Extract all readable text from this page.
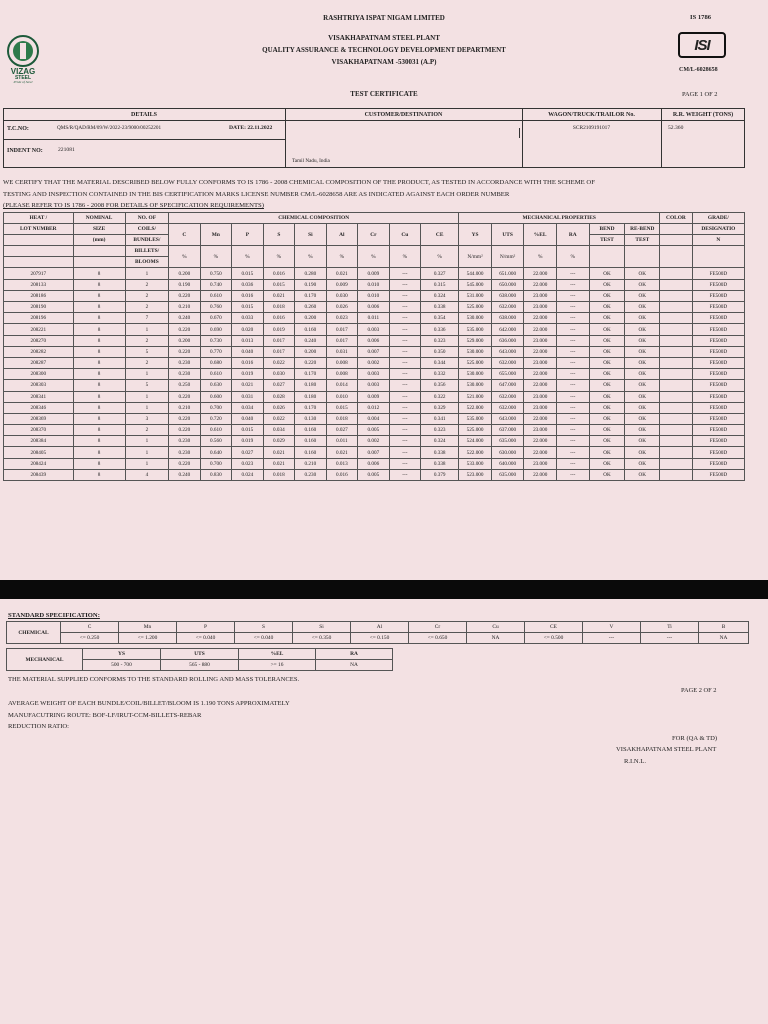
VIZAG
STEEL
Pride of Steel
RASHTRIYA ISPAT NIGAM LIMITED	IS 1786
VISAKHAPATNAM STEEL PLANT
QUALITY ASSURANCE & TECHNOLOGY DEVELOPMENT DEPARTMENT
VISAKHAPATNAM -530031 (A.P)
ISI
CM/L-6028658
TEST CERTIFICATE	PAGE 1 OF 2
DETAILS	CUSTOMER/DESTINATION	WAGON/TRUCK/TRAILOR No.	R.R. WEIGHT (TONS)
T.C.NO:	QMS/R/QAD/RM/09/W/2022-23/9000/00252201	DATE: 22.11.2022
INDENT NO:	221081
Tamil Nadu, India
SCR2109191017	52.360
WE CERTIFY THAT THE MATERIAL DESCRIBED BELOW FULLY CONFORMS TO IS 1786 - 2008 CHEMICAL COMPOSITION OF THE PRODUCT, AS TESTED IN ACCORDANCE WITH THE SCHEME OF
TESTING AND INSPECTION CONTAINED IN THE BIS CERTIFICATION MARKS LICENSE NUMBER CM/L-6028658 ARE AS INDICATED AGAINST EACH ORDER NUMBER
(PLEASE REFER TO IS 1786 - 2008 FOR DETAILS OF SPECIFICATION REQUIREMENTS)
HEAT /	NOMINAL	NO. OF	CHEMICAL COMPOSITION									MECHANICAL PROPERTIES						COLOR	GRADE/
LOT NUMBER	SIZE	COILS/	C	Mn	P	S	Si	Al	Cr	Cu	CE	YS	UTS	%EL	RA	BEND	RE-BEND		DESIGNATIO
	(mm)	BUNDLES/														TEST	TEST		N
		BILLETS/	%	%	%	%	%	%	%	%	%	N/mm²	N/mm²	%	%				
		BLOOMS																	
207917	8	1	0.200	0.750	0.015	0.016	0.280	0.021	0.009	---	0.327	544.000	651.000	22.000	---	OK	OK		FE500D
208133	8	2	0.190	0.740	0.036	0.015	0.190	0.009	0.010	---	0.315	545.000	650.000	22.000	---	OK	OK		FE500D
208186	8	2	0.220	0.610	0.016	0.021	0.170	0.030	0.010	---	0.324	531.000	638.000	23.000	---	OK	OK		FE500D
208190	8	2	0.210	0.760	0.015	0.018	0.260	0.026	0.006	---	0.338	525.000	632.000	23.000	---	OK	OK		FE500D
208196	8	7	0.240	0.670	0.033	0.016	0.200	0.023	0.011	---	0.354	530.000	638.000	22.000	---	OK	OK		FE500D
208221	8	1	0.220	0.690	0.020	0.019	0.160	0.017	0.003	---	0.336	535.000	642.000	22.000	---	OK	OK		FE500D
208270	8	2	0.200	0.730	0.013	0.017	0.240	0.017	0.006	---	0.323	529.000	636.000	23.000	---	OK	OK		FE500D
208282	8	5	0.220	0.770	0.040	0.017	0.200	0.031	0.007	---	0.350	530.000	643.000	22.000	---	OK	OK		FE500D
208287	8	2	0.230	0.680	0.016	0.022	0.220	0.008	0.002	---	0.344	525.000	632.000	23.000	---	OK	OK		FE500D
208300	8	1	0.230	0.610	0.019	0.030	0.170	0.008	0.003	---	0.332	530.000	655.000	22.000	---	OK	OK		FE500D
208303	8	5	0.250	0.630	0.021	0.027	0.180	0.014	0.003	---	0.356	530.000	647.000	22.000	---	OK	OK		FE500D
208341	8	1	0.220	0.600	0.031	0.028	0.180	0.010	0.009	---	0.322	521.000	632.000	23.000	---	OK	OK		FE500D
208346	8	1	0.210	0.700	0.034	0.026	0.170	0.015	0.012	---	0.329	522.000	632.000	23.000	---	OK	OK		FE500D
208369	8	3	0.220	0.720	0.040	0.022	0.130	0.018	0.004	---	0.341	535.000	643.000	22.000	---	OK	OK		FE500D
208370	8	2	0.220	0.610	0.015	0.034	0.160	0.027	0.005	---	0.323	525.000	637.000	23.000	---	OK	OK		FE500D
208384	8	1	0.230	0.560	0.019	0.029	0.160	0.011	0.002	---	0.324	524.000	635.000	22.000	---	OK	OK		FE500D
208405	8	1	0.230	0.640	0.027	0.021	0.160	0.021	0.007	---	0.338	522.000	630.000	22.000	---	OK	OK		FE500D
208424	8	1	0.220	0.700	0.023	0.021	0.210	0.013	0.006	---	0.338	533.000	640.000	23.000	---	OK	OK		FE500D
208439	8	4	0.240	0.830	0.024	0.018	0.230	0.016	0.005	---	0.379	523.000	635.000	22.000	---	OK	OK		FE500D
STANDARD SPECIFICATION:
CHEMICAL	C	Mn	P	S	Si	Al	Cr	Cu	CE	V	Ti	B
	<= 0.250	<= 1.200	<= 0.040	<= 0.040	<= 0.350	<= 0.150	<= 0.650	NA	<= 0.500	---	---	NA
MECHANICAL	YS	UTS	%EL	RA
	500 - 700	565 - 880	>= 16	NA
THE MATERIAL SUPPLIED CONFORMS TO THE STANDARD ROLLING AND MASS TOLERANCES.
PAGE 2 OF 2
AVERAGE WEIGHT OF EACH BUNDLE/COIL/BILLET/BLOOM IS 1.190 TONS APPROXIMATELY
MANUFACUTRING ROUTE: BOF-LF/IRUT-CCM-BILLETS-REBAR
REDUCTION RATIO:
FOR (QA & TD)
VISAKHAPATNAM STEEL PLANT
R.I.N.L.
